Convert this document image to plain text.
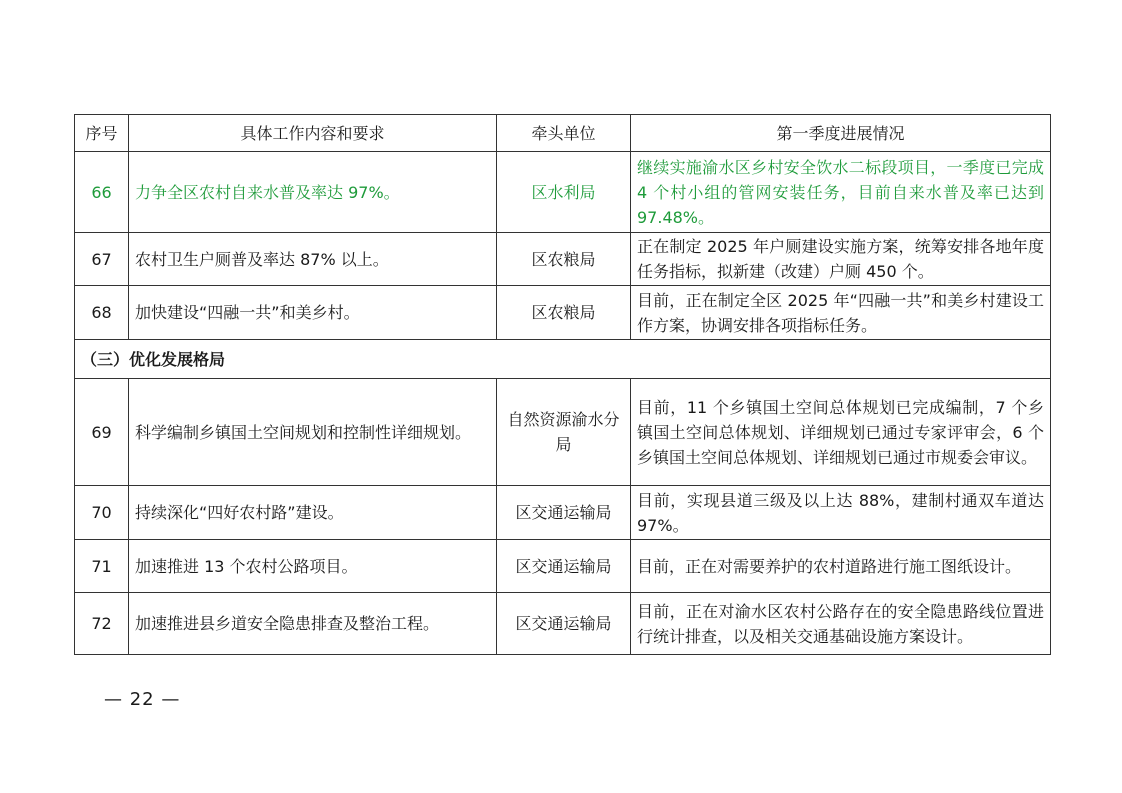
序号	具体工作内容和要求	牵头单位	第一季度进展情况
66	力争全区农村自来水普及率达 97%。	区水利局	继续实施渝水区乡村安全饮水二标段项目，一季度已完成 4 个村小组的管网安装任务，目前自来水普及率已达到 97.48%。
67	农村卫生户厕普及率达 87% 以上。	区农粮局	正在制定 2025 年户厕建设实施方案，统筹安排各地年度任务指标，拟新建（改建）户厕 450 个。
68	加快建设“四融一共”和美乡村。	区农粮局	目前，正在制定全区 2025 年“四融一共”和美乡村建设工作方案，协调安排各项指标任务。
（三）优化发展格局			
69	科学编制乡镇国土空间规划和控制性详细规划。	自然资源渝水分局	目前，11 个乡镇国土空间总体规划已完成编制，7 个乡镇国土空间总体规划、详细规划已通过专家评审会，6 个乡镇国土空间总体规划、详细规划已通过市规委会审议。
70	持续深化“四好农村路”建设。	区交通运输局	目前，实现县道三级及以上达 88%，建制村通双车道达 97%。
71	加速推进 13 个农村公路项目。	区交通运输局	目前，正在对需要养护的农村道路进行施工图纸设计。
72	加速推进县乡道安全隐患排查及整治工程。	区交通运输局	目前，正在对渝水区农村公路存在的安全隐患路线位置进行统计排查，以及相关交通基础设施方案设计。
— 22 —
